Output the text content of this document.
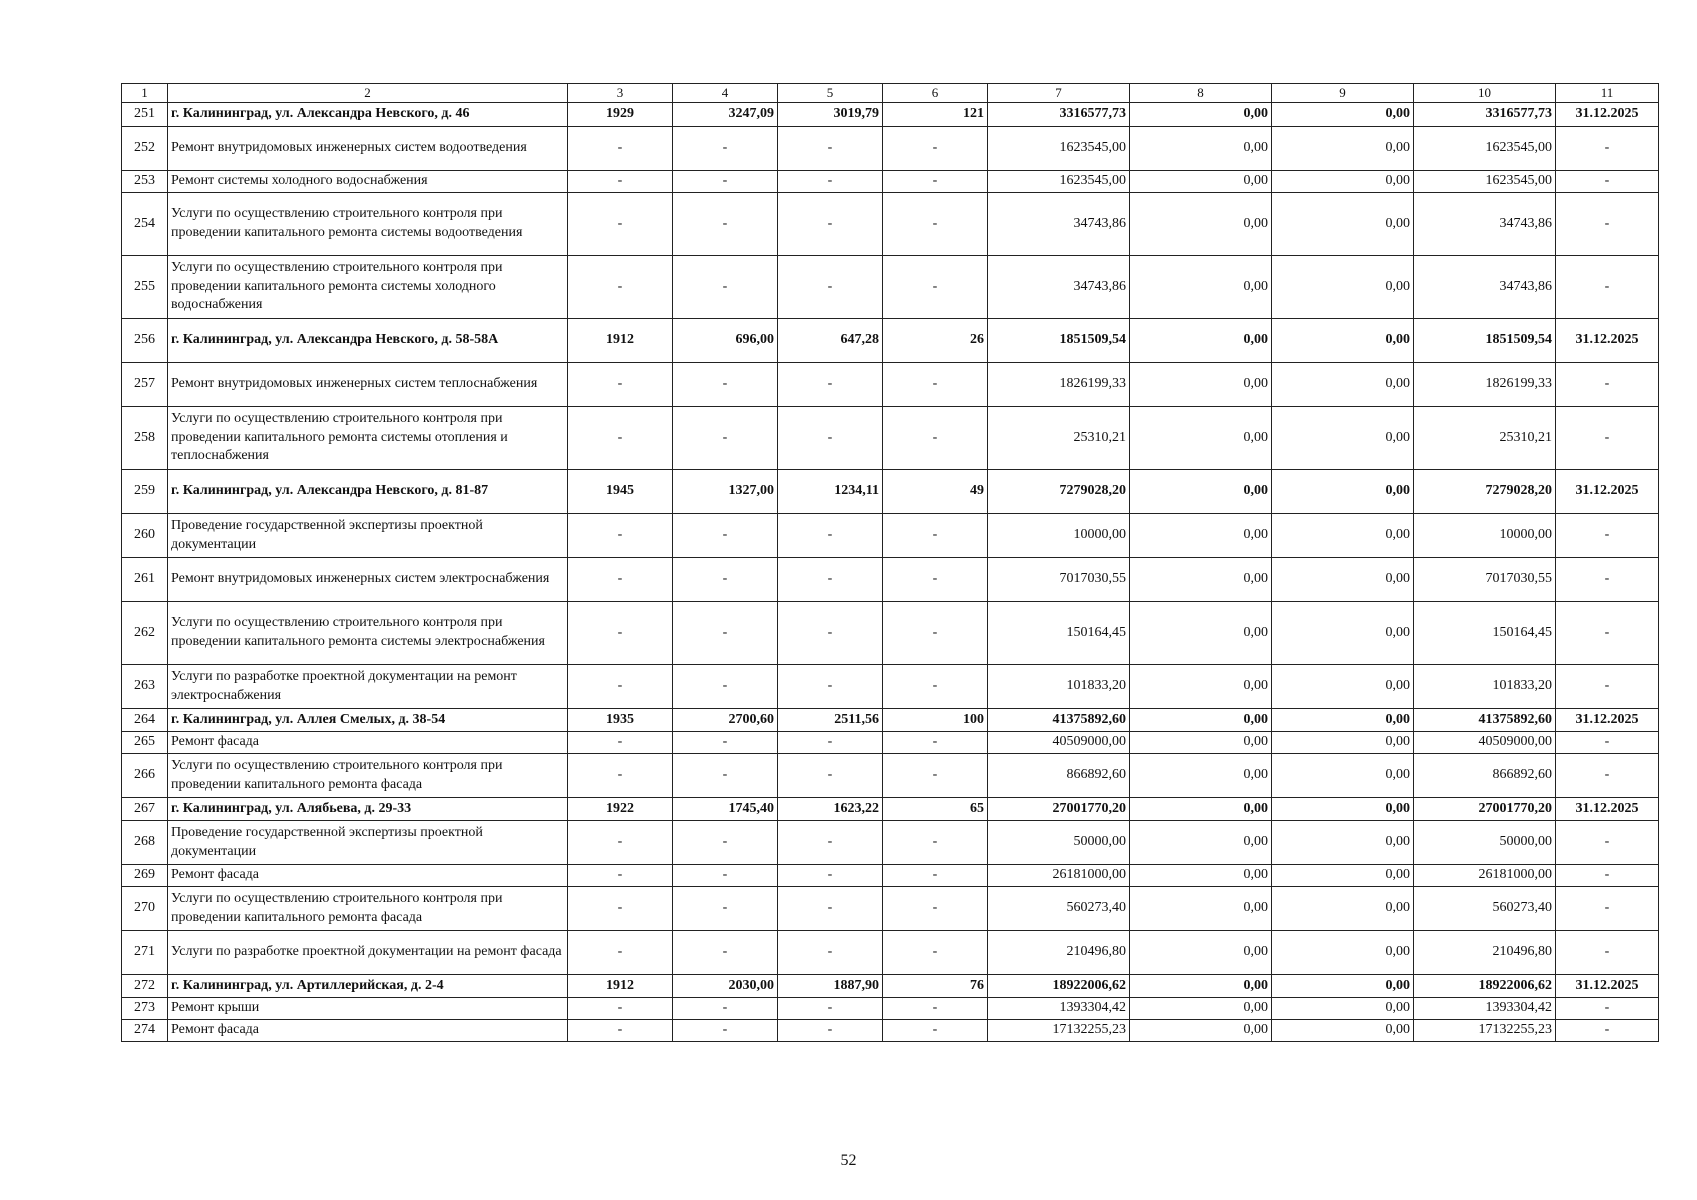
1	2	3	4	5	6	7	8	9	10	11
251	г. Калининград, ул. Александра Невского, д. 46	1929	3247,09	3019,79	121	3316577,73	0,00	0,00	3316577,73	31.12.2025
252	Ремонт внутридомовых инженерных систем водоотведения	-	-	-	-	1623545,00	0,00	0,00	1623545,00	-
253	Ремонт системы холодного водоснабжения	-	-	-	-	1623545,00	0,00	0,00	1623545,00	-
254	Услуги по осуществлению строительного контроля при проведении капитального ремонта системы водоотведения	-	-	-	-	34743,86	0,00	0,00	34743,86	-
255	Услуги по осуществлению строительного контроля при проведении капитального ремонта системы холодного водоснабжения	-	-	-	-	34743,86	0,00	0,00	34743,86	-
256	г. Калининград, ул. Александра Невского, д. 58-58А	1912	696,00	647,28	26	1851509,54	0,00	0,00	1851509,54	31.12.2025
257	Ремонт внутридомовых инженерных систем теплоснабжения	-	-	-	-	1826199,33	0,00	0,00	1826199,33	-
258	Услуги по осуществлению строительного контроля при проведении капитального ремонта системы отопления и теплоснабжения	-	-	-	-	25310,21	0,00	0,00	25310,21	-
259	г. Калининград, ул. Александра Невского, д. 81-87	1945	1327,00	1234,11	49	7279028,20	0,00	0,00	7279028,20	31.12.2025
260	Проведение государственной экспертизы проектной документации	-	-	-	-	10000,00	0,00	0,00	10000,00	-
261	Ремонт внутридомовых инженерных систем электроснабжения	-	-	-	-	7017030,55	0,00	0,00	7017030,55	-
262	Услуги по осуществлению строительного контроля при проведении капитального ремонта системы электроснабжения	-	-	-	-	150164,45	0,00	0,00	150164,45	-
263	Услуги по разработке проектной документации на ремонт электроснабжения	-	-	-	-	101833,20	0,00	0,00	101833,20	-
264	г. Калининград, ул. Аллея Смелых, д. 38-54	1935	2700,60	2511,56	100	41375892,60	0,00	0,00	41375892,60	31.12.2025
265	Ремонт фасада	-	-	-	-	40509000,00	0,00	0,00	40509000,00	-
266	Услуги по осуществлению строительного контроля при проведении капитального ремонта фасада	-	-	-	-	866892,60	0,00	0,00	866892,60	-
267	г. Калининград, ул. Алябьева, д. 29-33	1922	1745,40	1623,22	65	27001770,20	0,00	0,00	27001770,20	31.12.2025
268	Проведение государственной экспертизы проектной документации	-	-	-	-	50000,00	0,00	0,00	50000,00	-
269	Ремонт фасада	-	-	-	-	26181000,00	0,00	0,00	26181000,00	-
270	Услуги по осуществлению строительного контроля при проведении капитального ремонта фасада	-	-	-	-	560273,40	0,00	0,00	560273,40	-
271	Услуги по разработке проектной документации на ремонт фасада	-	-	-	-	210496,80	0,00	0,00	210496,80	-
272	г. Калининград, ул. Артиллерийская, д. 2-4	1912	2030,00	1887,90	76	18922006,62	0,00	0,00	18922006,62	31.12.2025
273	Ремонт крыши	-	-	-	-	1393304,42	0,00	0,00	1393304,42	-
274	Ремонт фасада	-	-	-	-	17132255,23	0,00	0,00	17132255,23	-
52
